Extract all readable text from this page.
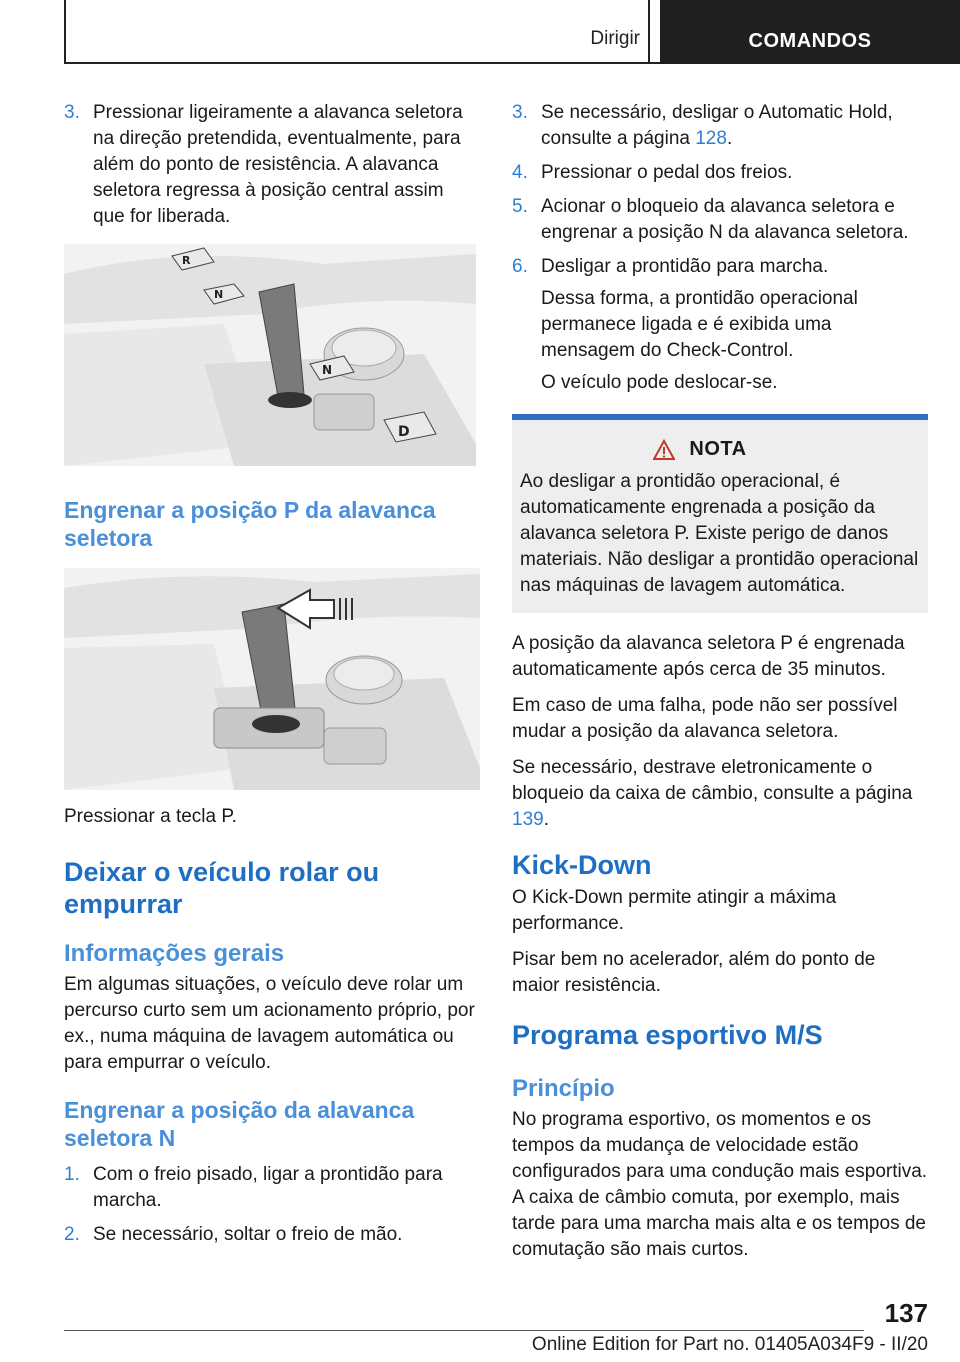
Dirigir	COMANDOS
3. Pressionar ligeiramente a alavanca seletora na direção pretendida, eventualmente, para além do ponto de resistência. A alavanca seletora regressa à posição central assim que for liberada.
R
N
N
D
Engrenar a posição P da alavanca seletora
Pressionar a tecla P.
Deixar o veículo rolar ou empurrar
Informações gerais
Em algumas situações, o veículo deve rolar um percurso curto sem um acionamento próprio, por ex., numa máquina de lavagem automática ou para empurrar o veículo.
Engrenar a posição da alavanca seletora N
1. Com o freio pisado, ligar a prontidão para marcha.
2. Se necessário, soltar o freio de mão.
3. Se necessário, desligar o Automatic Hold, consulte a página 128.
4. Pressionar o pedal dos freios.
5. Acionar o bloqueio da alavanca seletora e engrenar a posição N da alavanca seletora.
6. Desligar a prontidão para marcha.
Dessa forma, a prontidão operacional permanece ligada e é exibida uma mensagem do Check-Control.
O veículo pode deslocar-se.
NOTA
Ao desligar a prontidão operacional, é automaticamente engrenada a posição da alavanca seletora P. Existe perigo de danos materiais. Não desligar a prontidão operacional nas máquinas de lavagem automática.
A posição da alavanca seletora P é engrenada automaticamente após cerca de 35 minutos.
Em caso de uma falha, pode não ser possível mudar a posição da alavanca seletora.
Se necessário, destrave eletronicamente o bloqueio da caixa de câmbio, consulte a página 139.
Kick-Down
O Kick-Down permite atingir a máxima performance.
Pisar bem no acelerador, além do ponto de maior resistência.
Programa esportivo M/S
Princípio
No programa esportivo, os momentos e os tempos da mudança de velocidade estão configurados para uma condução mais esportiva. A caixa de câmbio comuta, por exemplo, mais tarde para uma marcha mais alta e os tempos de comutação são mais curtos.
137
Online Edition for Part no. 01405A034F9 - II/20
